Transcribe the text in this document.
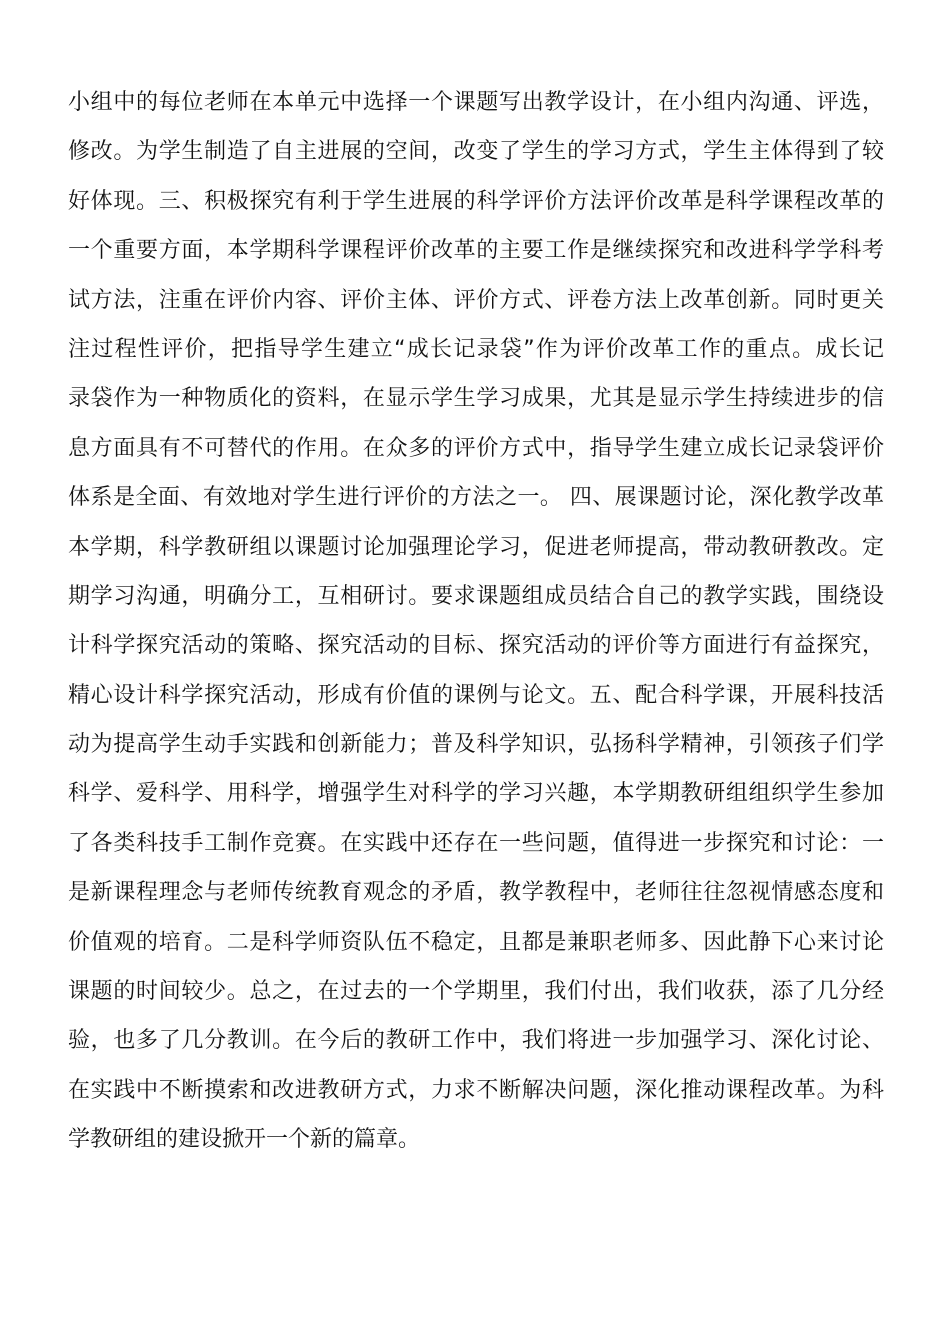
小组中的每位老师在本单元中选择一个课题写出教学设计，在小组内沟通、评选，
修改。为学生制造了自主进展的空间，改变了学生的学习方式，学生主体得到了较
好体现。三、积极探究有利于学生进展的科学评价方法评价改革是科学课程改革的
一个重要方面，本学期科学课程评价改革的主要工作是继续探究和改进科学学科考
试方法，注重在评价内容、评价主体、评价方式、评卷方法上改革创新。同时更关
注过程性评价，把指导学生建立“成长记录袋”作为评价改革工作的重点。成长记
录袋作为一种物质化的资料，在显示学生学习成果，尤其是显示学生持续进步的信
息方面具有不可替代的作用。在众多的评价方式中，指导学生建立成长记录袋评价
体系是全面、有效地对学生进行评价的方法之一。 四、展课题讨论，深化教学改革
本学期，科学教研组以课题讨论加强理论学习，促进老师提高，带动教研教改。定
期学习沟通，明确分工，互相研讨。要求课题组成员结合自己的教学实践，围绕设
计科学探究活动的策略、探究活动的目标、探究活动的评价等方面进行有益探究，
精心设计科学探究活动，形成有价值的课例与论文。五、配合科学课，开展科技活
动为提高学生动手实践和创新能力；普及科学知识，弘扬科学精神，引领孩子们学
科学、爱科学、用科学，增强学生对科学的学习兴趣，本学期教研组组织学生参加
了各类科技手工制作竞赛。在实践中还存在一些问题，值得进一步探究和讨论：一
是新课程理念与老师传统教育观念的矛盾，教学教程中，老师往往忽视情感态度和
价值观的培育。二是科学师资队伍不稳定，且都是兼职老师多、因此静下心来讨论
课题的时间较少。总之，在过去的一个学期里，我们付出，我们收获，添了几分经
验，也多了几分教训。在今后的教研工作中，我们将进一步加强学习、深化讨论、
在实践中不断摸索和改进教研方式，力求不断解决问题，深化推动课程改革。为科
学教研组的建设掀开一个新的篇章。
